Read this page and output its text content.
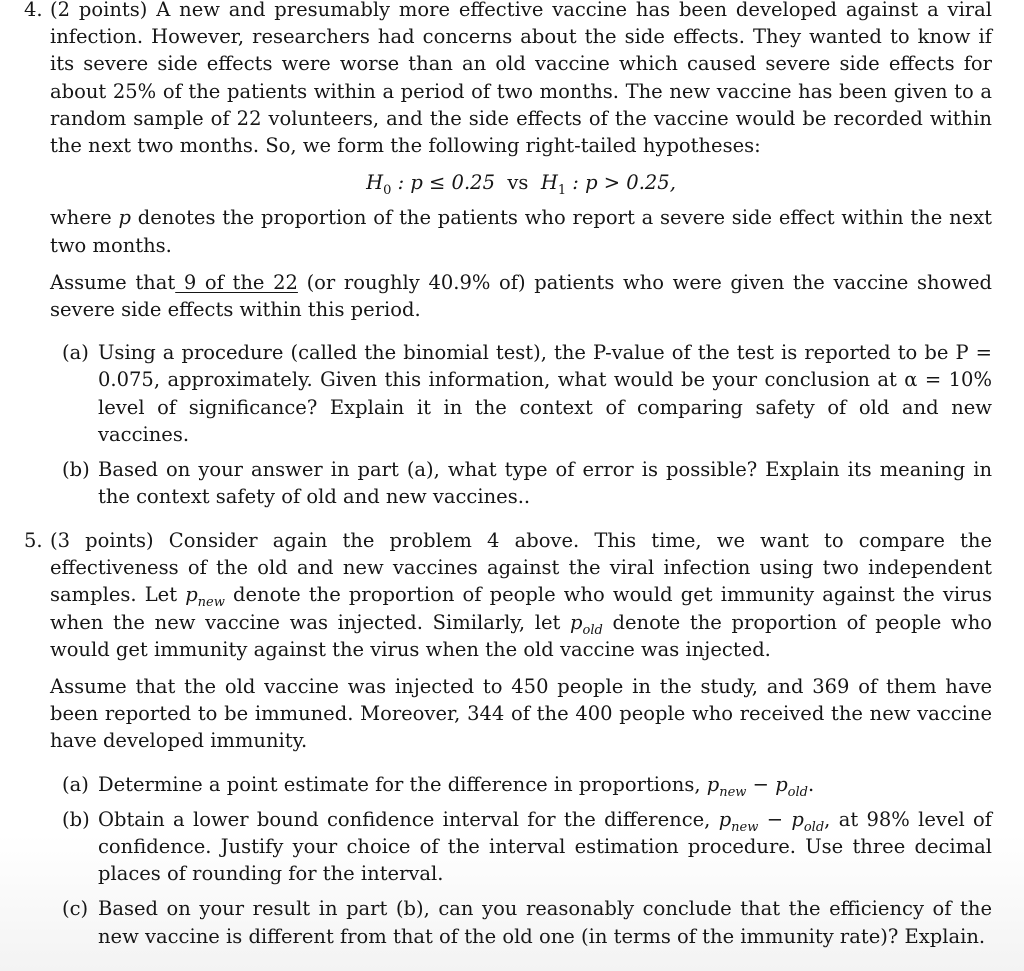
4. (2 points) A new and presumably more effective vaccine has been developed against a viral infection. However, researchers had concerns about the side effects. They wanted to know if its severe side effects were worse than an old vaccine which caused severe side effects for about 25% of the patients within a period of two months. The new vaccine has been given to a random sample of 22 volunteers, and the side effects of the vaccine would be recorded within the next two months. So, we form the following right-tailed hypotheses:

$H_0$ : p ≤ 0.25  vs  $H_1$ : p > 0.25,

where p denotes the proportion of the patients who report a severe side effect within the next two months.

Assume that 9 of the 22 (or roughly 40.9% of) patients who were given the vaccine showed severe side effects within this period.

(a) Using a procedure (called the binomial test), the P-value of the test is reported to be P = 0.075, approximately. Given this information, what would be your conclusion at α = 10% level of significance? Explain it in the context of comparing safety of old and new vaccines.
(b) Based on your answer in part (a), what type of error is possible? Explain its meaning in the context safety of old and new vaccines..
5. (3 points) Consider again the problem 4 above. This time, we want to compare the effectiveness of the old and new vaccines against the viral infection using two independent samples. Let $p_{new}$ denote the proportion of people who would get immunity against the virus when the new vaccine was injected. Similarly, let $p_{old}$ denote the proportion of people who would get immunity against the virus when the old vaccine was injected.

Assume that the old vaccine was injected to 450 people in the study, and 369 of them have been reported to be immuned. Moreover, 344 of the 400 people who received the new vaccine have developed immunity.

(a) Determine a point estimate for the difference in proportions, $p_{new} - p_{old}$.
(b) Obtain a lower bound confidence interval for the difference, $p_{new} - p_{old}$, at 98% level of confidence. Justify your choice of the interval estimation procedure. Use three decimal places of rounding for the interval.
(c) Based on your result in part (b), can you reasonably conclude that the efficiency of the new vaccine is different from that of the old one (in terms of the immunity rate)? Explain.
